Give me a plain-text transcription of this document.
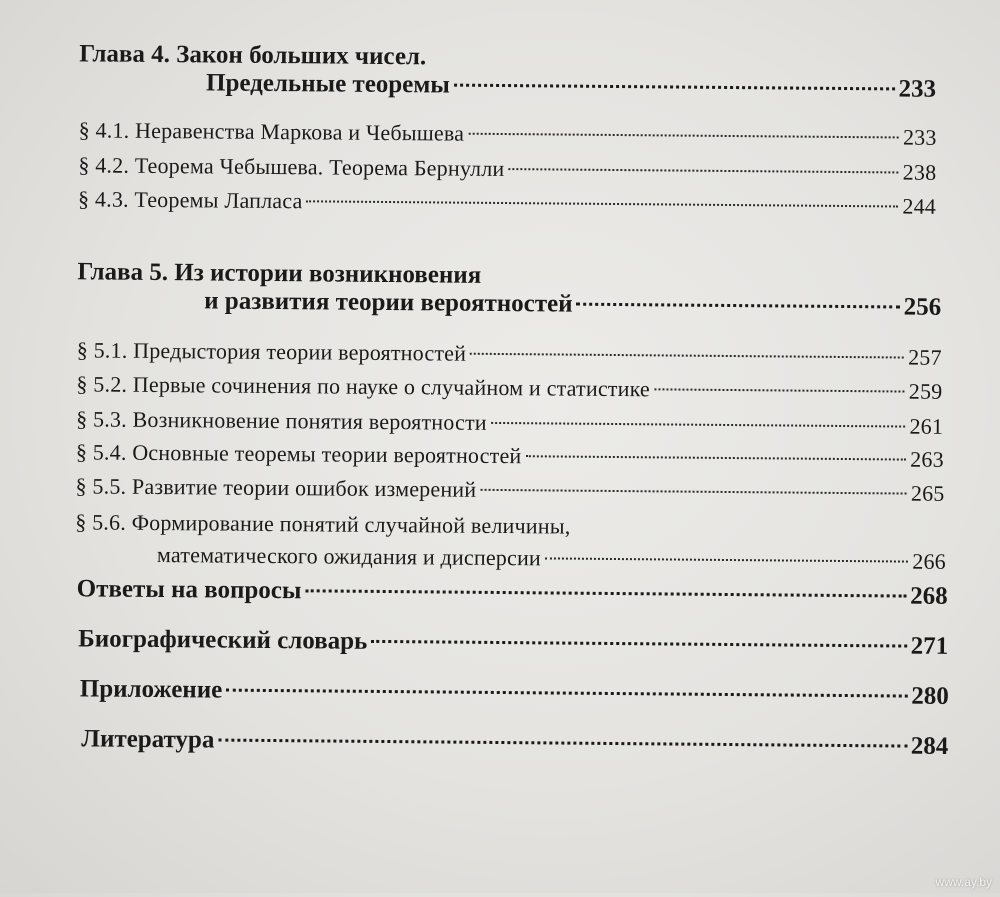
Глава 4. Закон больших чисел.
Предельные теоремы	233
§ 4.1. Неравенства Маркова и Чебышева	233
§ 4.2. Теорема Чебышева. Теорема Бернулли	238
§ 4.3. Теоремы Лапласа	244
Глава 5. Из истории возникновения
и развития теории вероятностей	256
§ 5.1. Предыстория теории вероятностей	257
§ 5.2. Первые сочинения по науке о случайном и статистике	259
§ 5.3. Возникновение понятия вероятности	261
§ 5.4. Основные теоремы теории вероятностей	263
§ 5.5. Развитие теории ошибок измерений	265
§ 5.6. Формирование понятий случайной величины,
математического ожидания и дисперсии	266
Ответы на вопросы	268
Биографический словарь	271
Приложение	280
Литература	284
www.ay.by
